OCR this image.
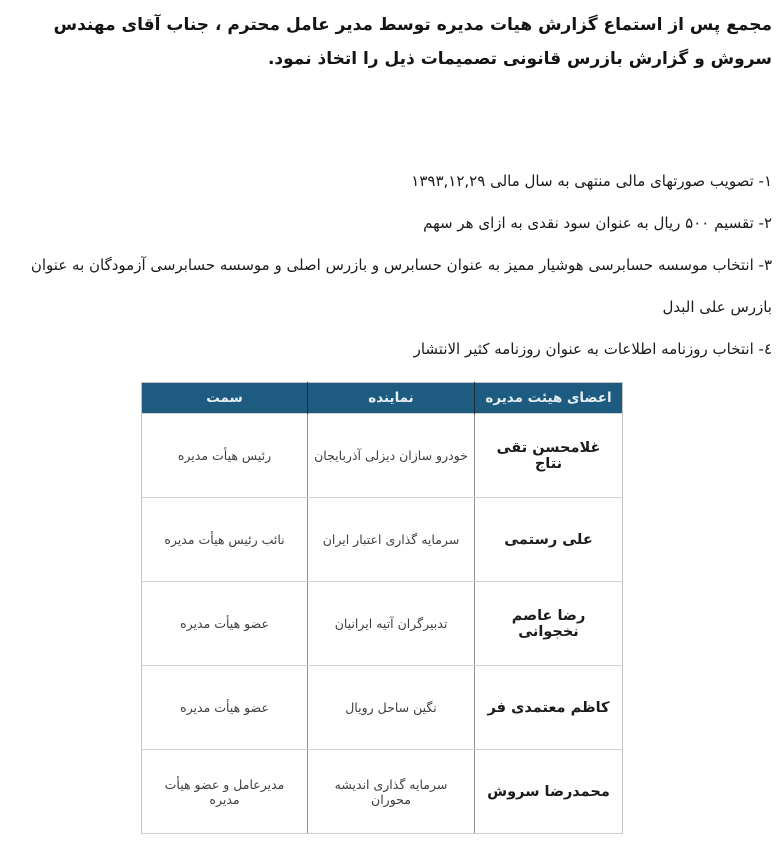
مجمع پس از استماع گزارش هیات مدیره توسط مدیر عامل محترم ، جناب آقای مهندس سروش و گزارش بازرس قانونی تصمیمات ذیل را اتخاذ نمود.

۱- تصویب صورتهای مالی منتهی به سال مالی ۱۳۹۳,۱۲,۲۹

۲- تقسیم ۵۰۰ ریال به عنوان سود نقدی به ازای هر سهم

۳- انتخاب موسسه حسابرسی هوشیار ممیز به عنوان حسابرس و بازرس اصلی و موسسه حسابرسی آزمودگان به عنوان بازرس علی البدل

٤- انتخاب روزنامه اطلاعات به عنوان روزنامه کثیر الانتشار

اعضای هیئت مدیره	نماینده	سمت
غلامحسن تقی نتاج	خودرو سازان دیزلی آذربایجان	رئیس هیأت مدیره
علی رستمی	سرمایه گذاری اعتبار ایران	نائب رئیس هیأت مدیره
رضا عاصم نخجوانی	تدبیرگران آتیه ایرانیان	عضو هیأت مدیره
کاظم معتمدی فر	نگین ساحل رویال	عضو هیأت مدیره
محمدرضا سروش	سرمایه گذاری اندیشه محوران	مدیرعامل و عضو هیأت مدیره
